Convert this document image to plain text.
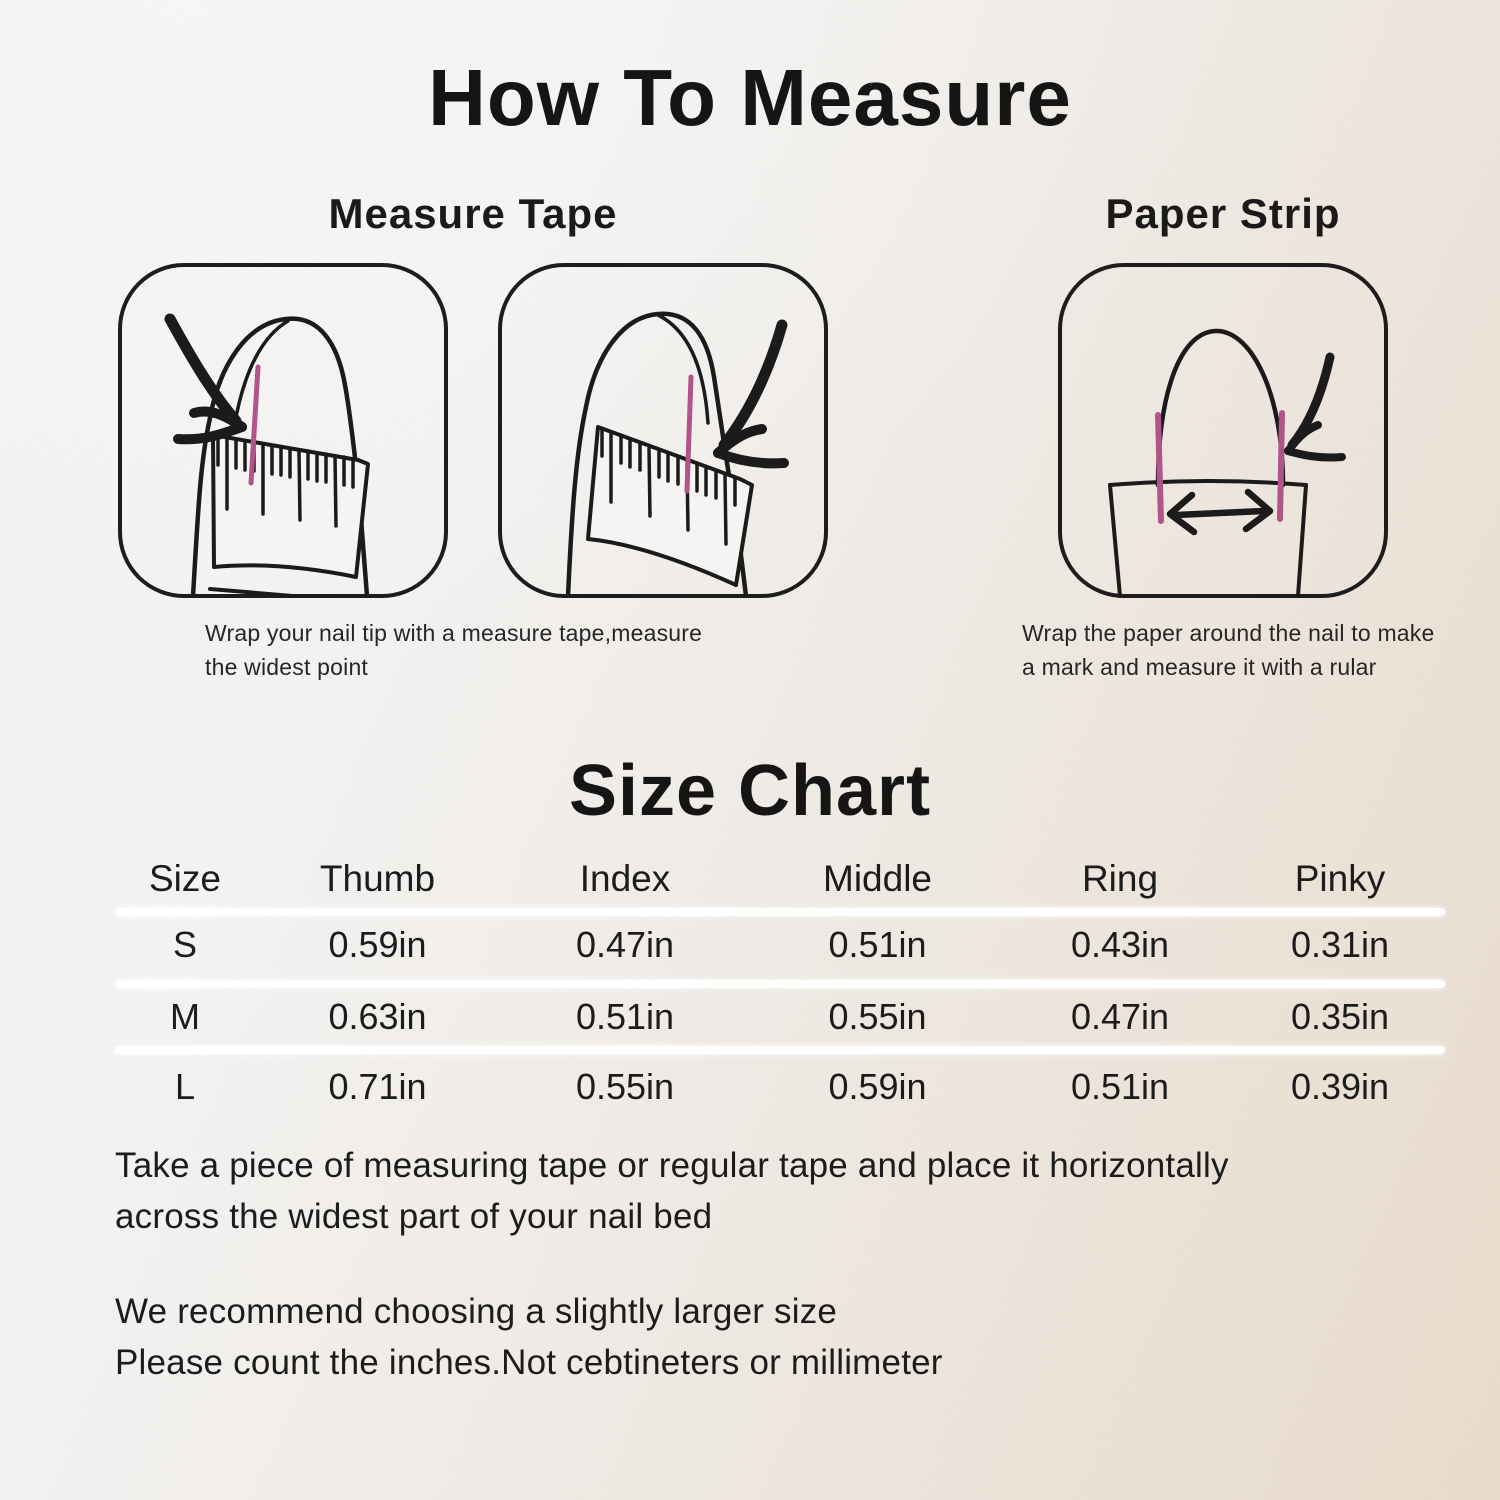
How To Measure
Measure Tape	Paper Strip
Wrap your nail tip with a measure tape,measure
the widest point
Wrap the paper around the nail to make
a mark and measure it with a rular
Size Chart
Size	Thumb	Index	Middle	Ring	Pinky
S	0.59in	0.47in	0.51in	0.43in	0.31in
M	0.63in	0.51in	0.55in	0.47in	0.35in
L	0.71in	0.55in	0.59in	0.51in	0.39in
Take a piece of measuring tape or regular tape and place it horizontally
across the widest part of your nail bed
We recommend choosing a slightly larger size
Please count the inches.Not cebtineters or millimeter
